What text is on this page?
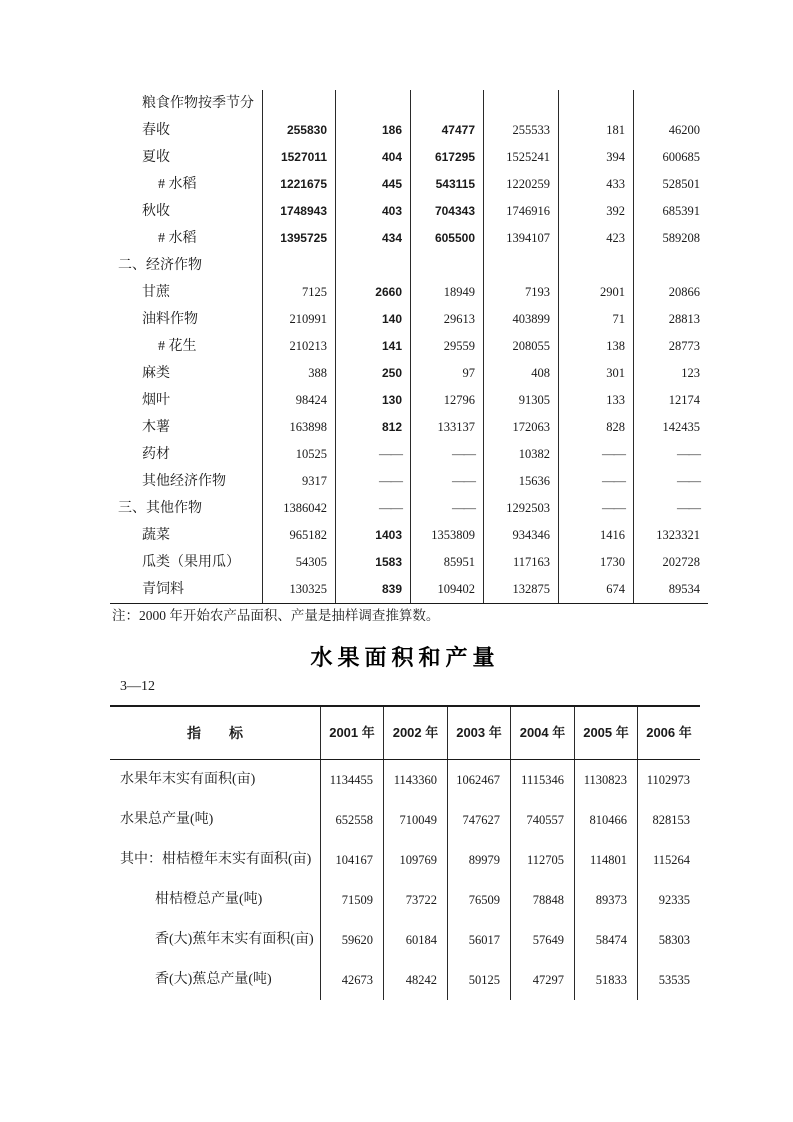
粮食作物按季节分
春收	255830	186	47477	255533	181	46200
夏收	1527011	404	617295	1525241	394	600685
# 水稻	1221675	445	543115	1220259	433	528501
秋收	1748943	403	704343	1746916	392	685391
# 水稻	1395725	434	605500	1394107	423	589208
二、经济作物
甘蔗	7125	2660	18949	7193	2901	20866
油料作物	210991	140	29613	403899	71	28813
# 花生	210213	141	29559	208055	138	28773
麻类	388	250	97	408	301	123
烟叶	98424	130	12796	91305	133	12174
木薯	163898	812	133137	172063	828	142435
药材	10525	——	——	10382	——	——
其他经济作物	9317	——	——	15636	——	——
三、其他作物	1386042	——	——	1292503	——	——
蔬菜	965182	1403	1353809	934346	1416	1323321
瓜类（果用瓜）	54305	1583	85951	117163	1730	202728
青饲料	130325	839	109402	132875	674	89534
注：2000 年开始农产品面积、产量是抽样调查推算数。
水果面积和产量
3—12
指　　标	2001 年	2002 年	2003 年	2004 年	2005 年	2006 年
水果年末实有面积(亩)	1134455	1143360	1062467	1115346	1130823	1102973
水果总产量(吨)	652558	710049	747627	740557	810466	828153
其中：柑桔橙年末实有面积(亩)	104167	109769	89979	112705	114801	115264
柑桔橙总产量(吨)	71509	73722	76509	78848	89373	92335
香(大)蕉年末实有面积(亩)	59620	60184	56017	57649	58474	58303
香(大)蕉总产量(吨)	42673	48242	50125	47297	51833	53535
